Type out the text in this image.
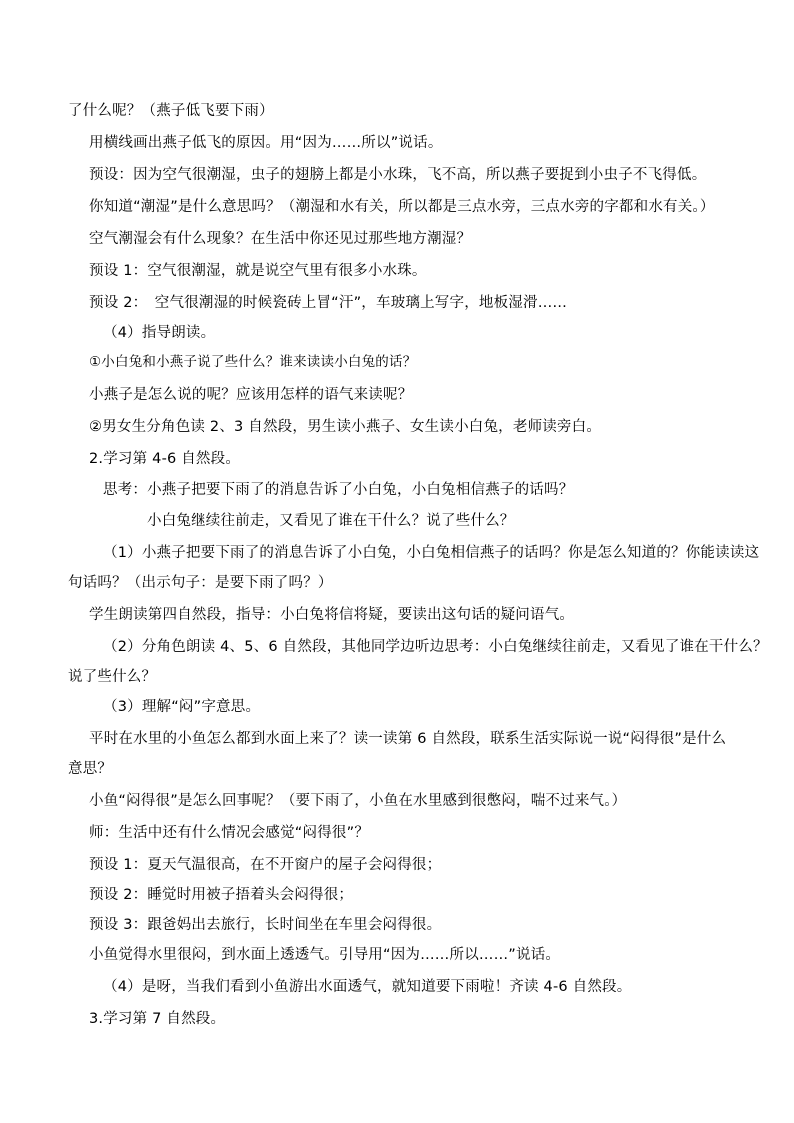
了什么呢？（燕子低飞要下雨）
用横线画出燕子低飞的原因。用“因为……所以”说话。
预设：因为空气很潮湿，虫子的翅膀上都是小水珠，飞不高，所以燕子要捉到小虫子不飞得低。
你知道“潮湿”是什么意思吗？（潮湿和水有关，所以都是三点水旁，三点水旁的字都和水有关。）
空气潮湿会有什么现象？在生活中你还见过那些地方潮湿？
预设 1：空气很潮湿，就是说空气里有很多小水珠。
预设 2：　空气很潮湿的时候瓷砖上冒“汗”，车玻璃上写字，地板湿滑……
（4）指导朗读。
①小白兔和小燕子说了些什么？谁来读读小白兔的话？
小燕子是怎么说的呢？应该用怎样的语气来读呢？
②男女生分角色读 2、3 自然段，男生读小燕子、女生读小白兔，老师读旁白。
2.学习第 4-6 自然段。
思考：小燕子把要下雨了的消息告诉了小白兔，小白兔相信燕子的话吗？
小白兔继续往前走，又看见了谁在干什么？说了些什么？
（1）小燕子把要下雨了的消息告诉了小白兔，小白兔相信燕子的话吗？你是怎么知道的？你能读读这
句话吗？（出示句子：是要下雨了吗？）
学生朗读第四自然段，指导：小白兔将信将疑，要读出这句话的疑问语气。
（2）分角色朗读 4、5、6 自然段，其他同学边听边思考：小白兔继续往前走，又看见了谁在干什么？
说了些什么？
（3）理解“闷”字意思。
平时在水里的小鱼怎么都到水面上来了？读一读第 6 自然段，联系生活实际说一说“闷得很”是什么
意思？
小鱼“闷得很”是怎么回事呢？（要下雨了，小鱼在水里感到很憋闷，喘不过来气。）
师：生活中还有什么情况会感觉“闷得很”？
预设 1：夏天气温很高，在不开窗户的屋子会闷得很；
预设 2：睡觉时用被子捂着头会闷得很；
预设 3：跟爸妈出去旅行，长时间坐在车里会闷得很。
小鱼觉得水里很闷，到水面上透透气。引导用“因为……所以……”说话。
（4）是呀，当我们看到小鱼游出水面透气，就知道要下雨啦！齐读 4-6 自然段。
3.学习第 7 自然段。
